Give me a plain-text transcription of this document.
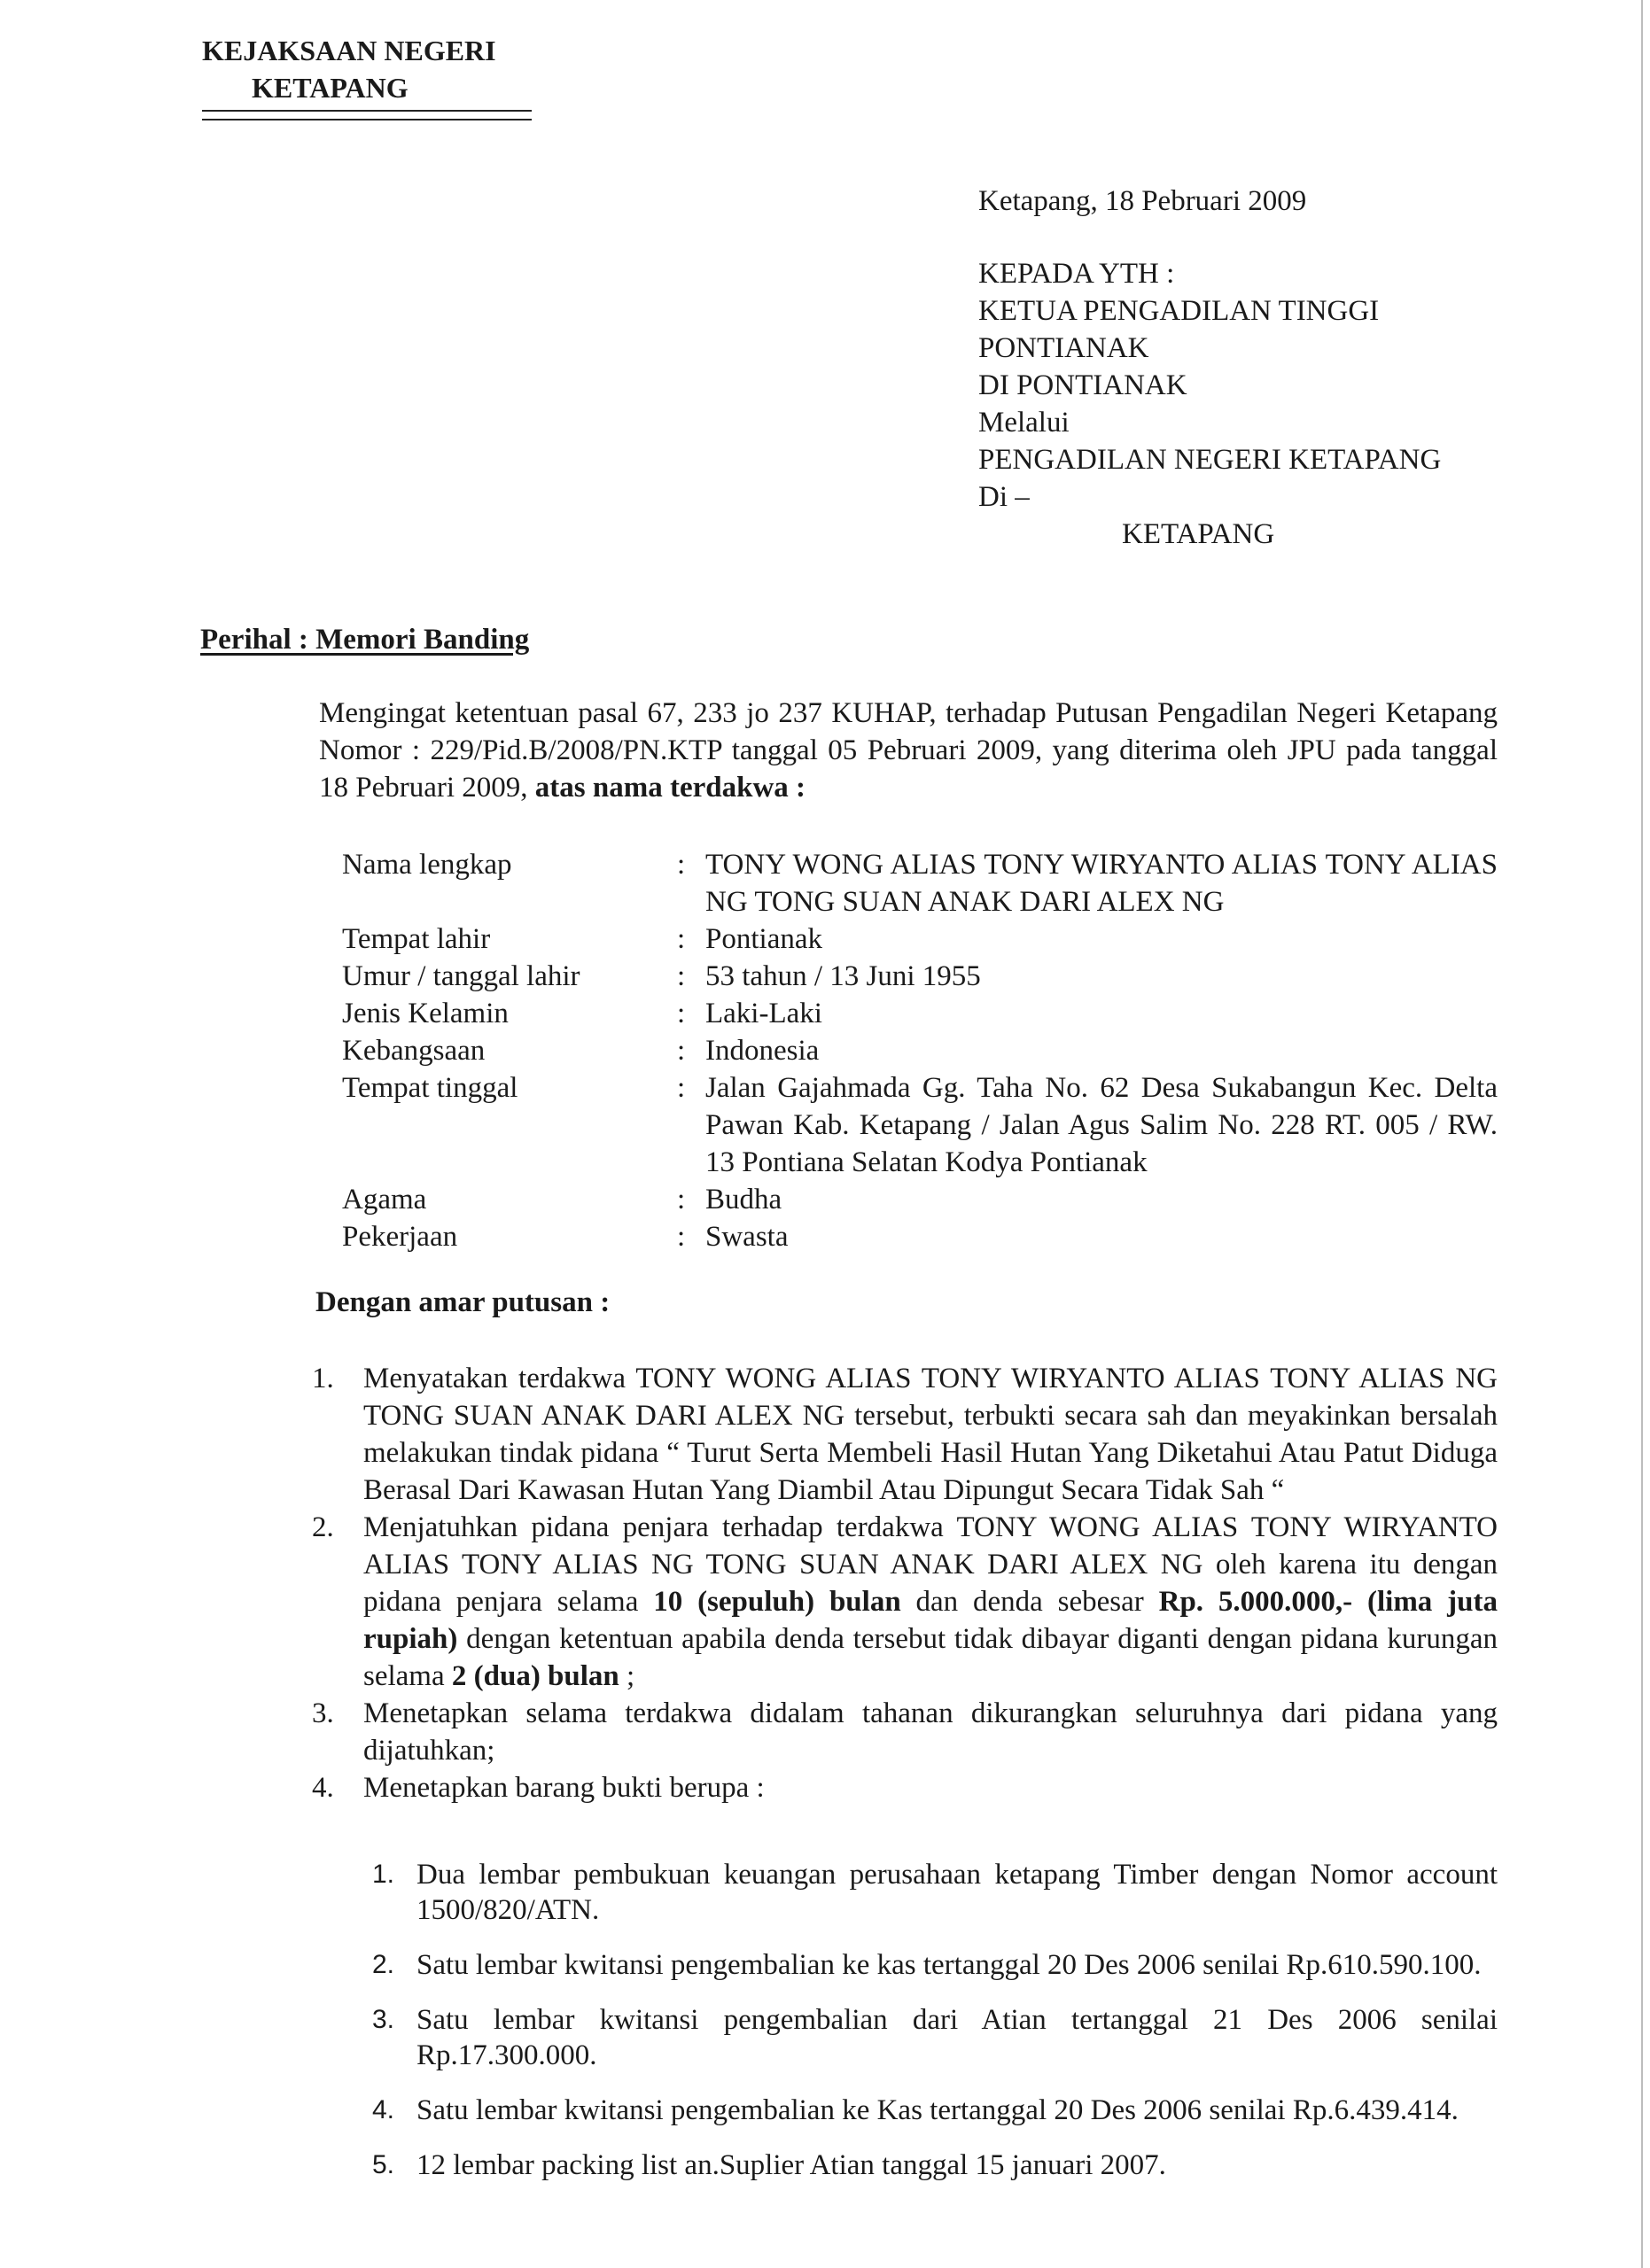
KEJAKSAAN NEGERI
KETAPANG
Ketapang, 18 Pebruari 2009
KEPADA YTH :
KETUA PENGADILAN TINGGI
PONTIANAK
DI PONTIANAK
Melalui
PENGADILAN NEGERI KETAPANG
Di –
KETAPANG
Perihal : Memori Banding
Mengingat ketentuan pasal 67, 233 jo 237 KUHAP, terhadap Putusan Pengadilan Negeri Ketapang Nomor : 229/Pid.B/2008/PN.KTP tanggal 05 Pebruari 2009, yang diterima oleh JPU pada tanggal 18 Pebruari 2009, atas nama terdakwa :
Nama lengkap	: TONY WONG ALIAS TONY WIRYANTO ALIAS TONY ALIAS NG TONG SUAN ANAK DARI ALEX NG
Tempat lahir	: Pontianak
Umur / tanggal lahir	: 53 tahun / 13 Juni 1955
Jenis Kelamin	: Laki-Laki
Kebangsaan	: Indonesia
Tempat tinggal	: Jalan Gajahmada Gg. Taha No. 62 Desa Sukabangun Kec. Delta Pawan Kab. Ketapang / Jalan Agus Salim No. 228 RT. 005 / RW. 13 Pontiana Selatan Kodya Pontianak
Agama	: Budha
Pekerjaan	: Swasta
Dengan amar putusan :
1.	Menyatakan terdakwa TONY WONG ALIAS TONY WIRYANTO ALIAS TONY ALIAS NG TONG SUAN ANAK DARI ALEX NG tersebut, terbukti secara sah dan meyakinkan bersalah melakukan tindak pidana “ Turut Serta Membeli Hasil Hutan Yang Diketahui Atau Patut Diduga Berasal Dari Kawasan Hutan Yang Diambil Atau Dipungut Secara Tidak Sah “
2.	Menjatuhkan pidana penjara terhadap terdakwa TONY WONG ALIAS TONY WIRYANTO ALIAS TONY ALIAS NG TONG SUAN ANAK DARI ALEX NG oleh karena itu dengan pidana penjara selama 10 (sepuluh) bulan dan denda sebesar Rp. 5.000.000,- (lima juta rupiah) dengan ketentuan apabila denda tersebut tidak dibayar diganti dengan pidana kurungan selama 2 (dua) bulan ;
3.	Menetapkan selama terdakwa didalam tahanan dikurangkan seluruhnya dari pidana yang dijatuhkan;
4.	Menetapkan barang bukti berupa :
1. Dua lembar pembukuan keuangan perusahaan ketapang Timber dengan Nomor account 1500/820/ATN.
2. Satu lembar kwitansi pengembalian ke kas tertanggal 20 Des 2006 senilai Rp.610.590.100.
3. Satu lembar kwitansi pengembalian dari Atian tertanggal 21 Des 2006 senilai Rp.17.300.000.
4. Satu lembar kwitansi pengembalian ke Kas tertanggal 20 Des 2006 senilai Rp.6.439.414.
5. 12 lembar packing list an.Suplier Atian tanggal 15 januari 2007.
